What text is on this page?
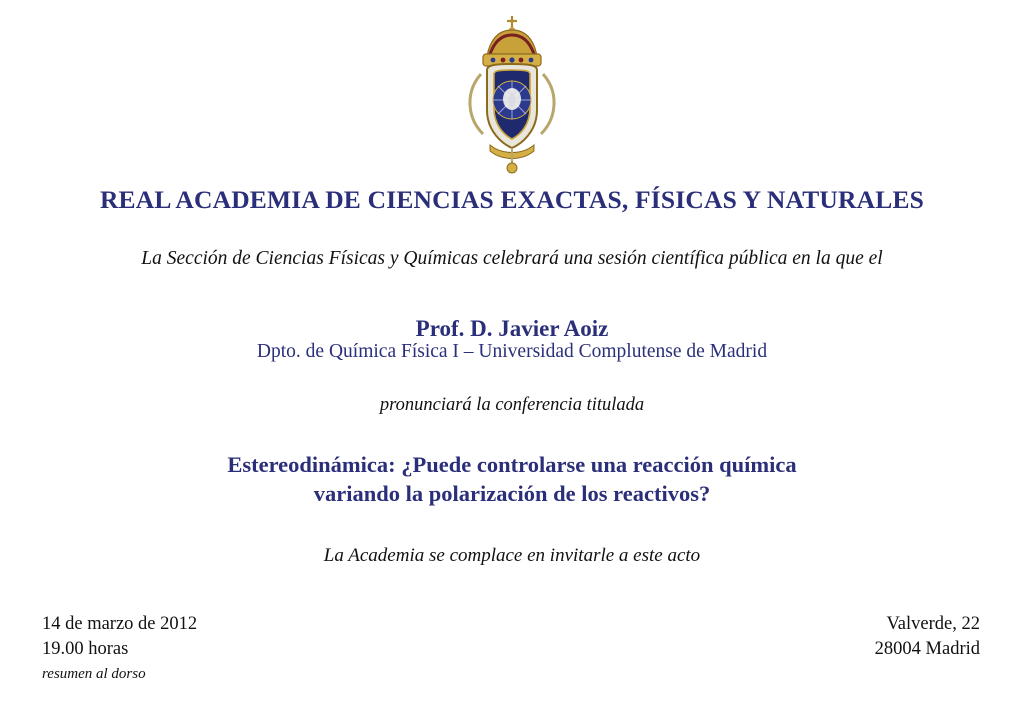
REAL ACADEMIA DE CIENCIAS EXACTAS, FÍSICAS Y NATURALES
La Sección de Ciencias Físicas y Químicas celebrará una sesión científica pública en la que el
Prof. D. Javier Aoiz
Dpto. de Química Física I – Universidad Complutense de Madrid
pronunciará la conferencia titulada
Estereodinámica: ¿Puede controlarse una reacción química
variando la polarización de los reactivos?
La Academia se complace en invitarle a este acto
14 de marzo de 2012
19.00 horas
resumen al dorso
Valverde, 22
28004 Madrid
